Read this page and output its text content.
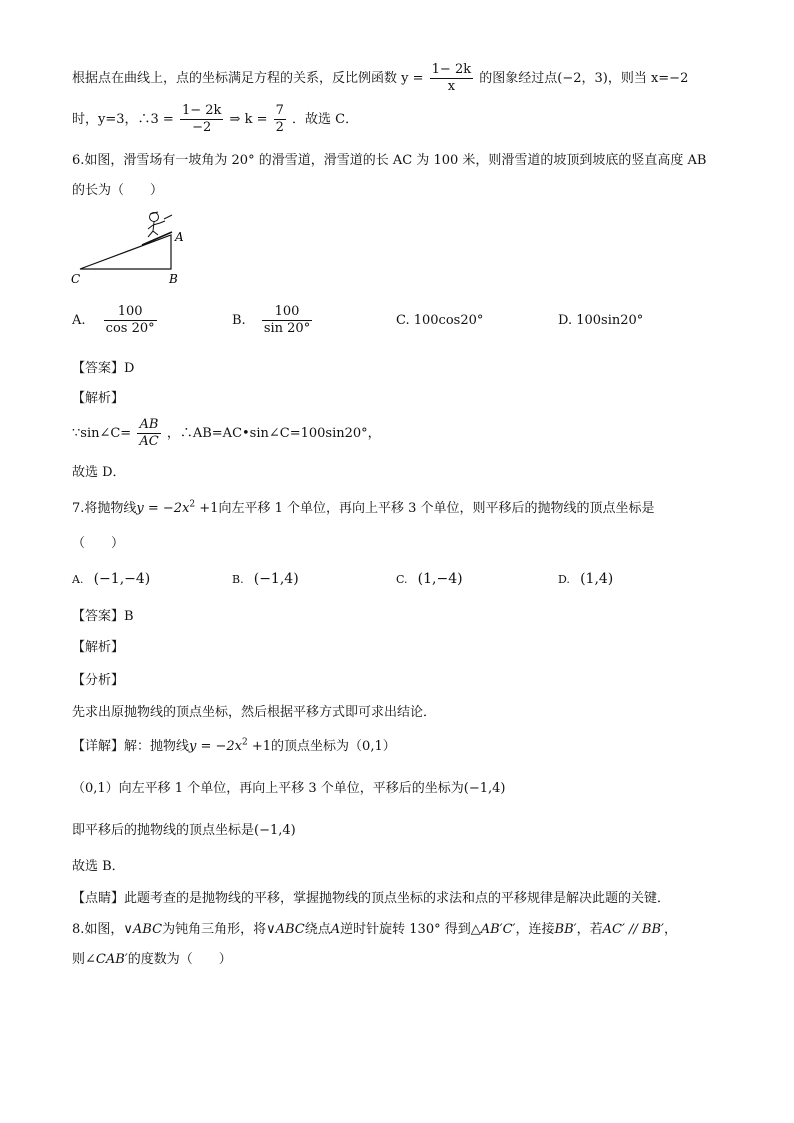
根据点在曲线上，点的坐标满足方程的关系，反比例函数 $y = \frac{1- 2k}{x}$ 的图象经过点(−2，3)，则当 x=−2
时，y=3，∴3 = $\frac{1- 2k}{-2}$ ⇒ $k = \frac{7}{2}$ ．故选 C．
6.如图，滑雪场有一坡角为 20° 的滑雪道，滑雪道的长 AC 为 100 米，则滑雪道的坡顶到坡底的竖直高度 AB
的长为（　　）
A
B
C
A. $\frac{100}{\cos 20^\circ}$	B. $\frac{100}{\sin 20^\circ}$	C. 100cos20°	D. 100sin20°
【答案】D
【解析】
∵sin∠C= $\frac{AB}{AC}$ ，∴AB=AC•sin∠C=100sin20°，
故选 D．
7.将抛物线$y = -2x^2 +1$向左平移 1 个单位，再向上平移 3 个单位，则平移后的抛物线的顶点坐标是
（　　）
A. (−1,−4)	B. (−1,4)	C. (1,−4)	D. (1,4)
【答案】B
【解析】
【分析】
先求出原抛物线的顶点坐标，然后根据平移方式即可求出结论．
【详解】解：抛物线$y = -2x^2 +1$的顶点坐标为（0,1）
（0,1）向左平移 1 个单位，再向上平移 3 个单位，平移后的坐标为(−1,4)
即平移后的抛物线的顶点坐标是(−1,4)
故选 B．
【点睛】此题考查的是抛物线的平移，掌握抛物线的顶点坐标的求法和点的平移规律是解决此题的关键．
8.如图，∨ABC为钝角三角形，将∨ABC绕点A逆时针旋转 130° 得到△AB′C′，连接BB′，若AC′ // BB′，
则∠CAB′的度数为（　　）
